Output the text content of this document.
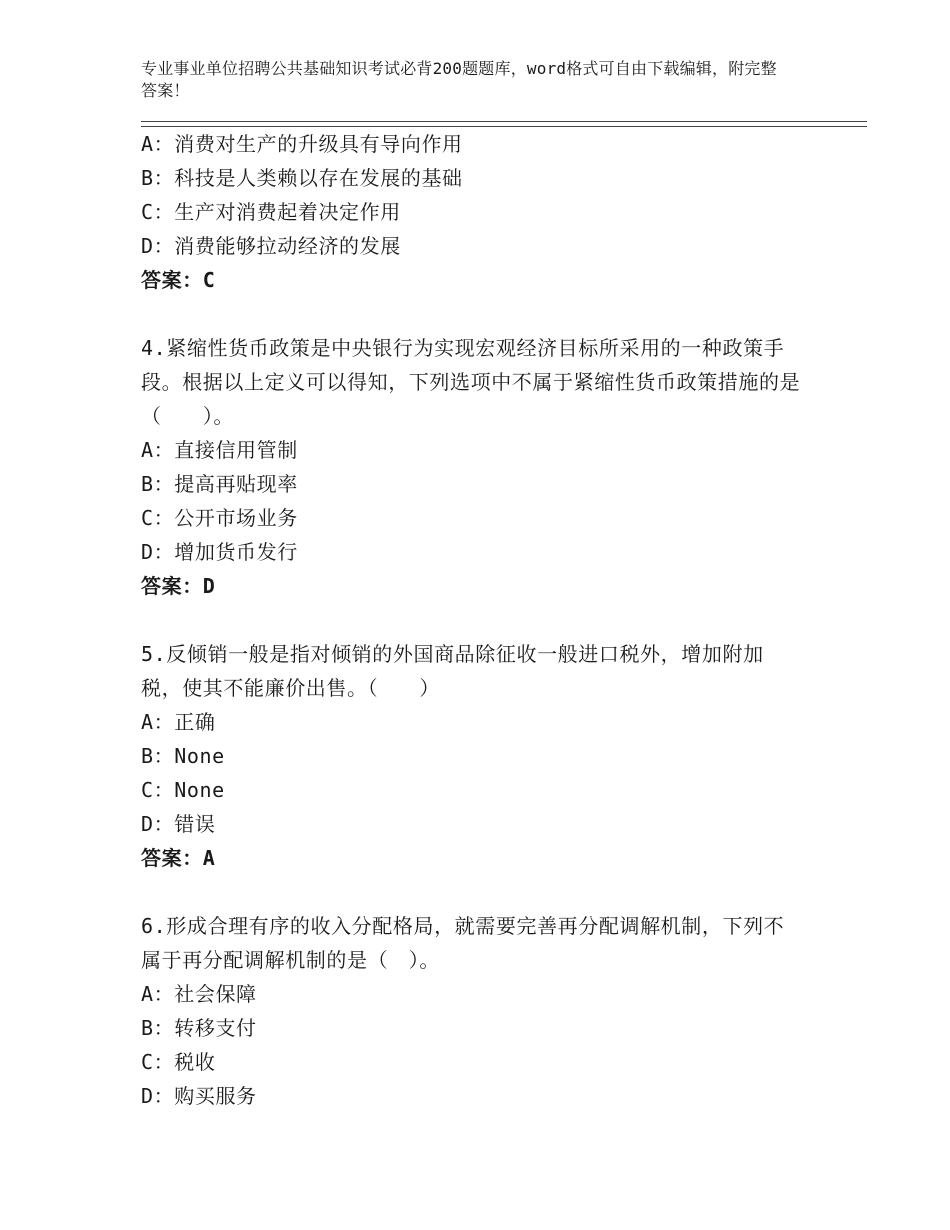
专业事业单位招聘公共基础知识考试必背200题题库，word格式可自由下载编辑，附完整答案！
A：消费对生产的升级具有导向作用
B：科技是人类赖以存在发展的基础
C：生产对消费起着决定作用
D：消费能够拉动经济的发展
答案：C
4.紧缩性货币政策是中央银行为实现宏观经济目标所采用的一种政策手段。根据以上定义可以得知，下列选项中不属于紧缩性货币政策措施的是（　　）。
A：直接信用管制
B：提高再贴现率
C：公开市场业务
D：增加货币发行
答案：D
5.反倾销一般是指对倾销的外国商品除征收一般进口税外，增加附加税，使其不能廉价出售。（　　）
A：正确
B：None
C：None
D：错误
答案：A
6.形成合理有序的收入分配格局，就需要完善再分配调解机制，下列不属于再分配调解机制的是（　）。
A：社会保障
B：转移支付
C：税收
D：购买服务
